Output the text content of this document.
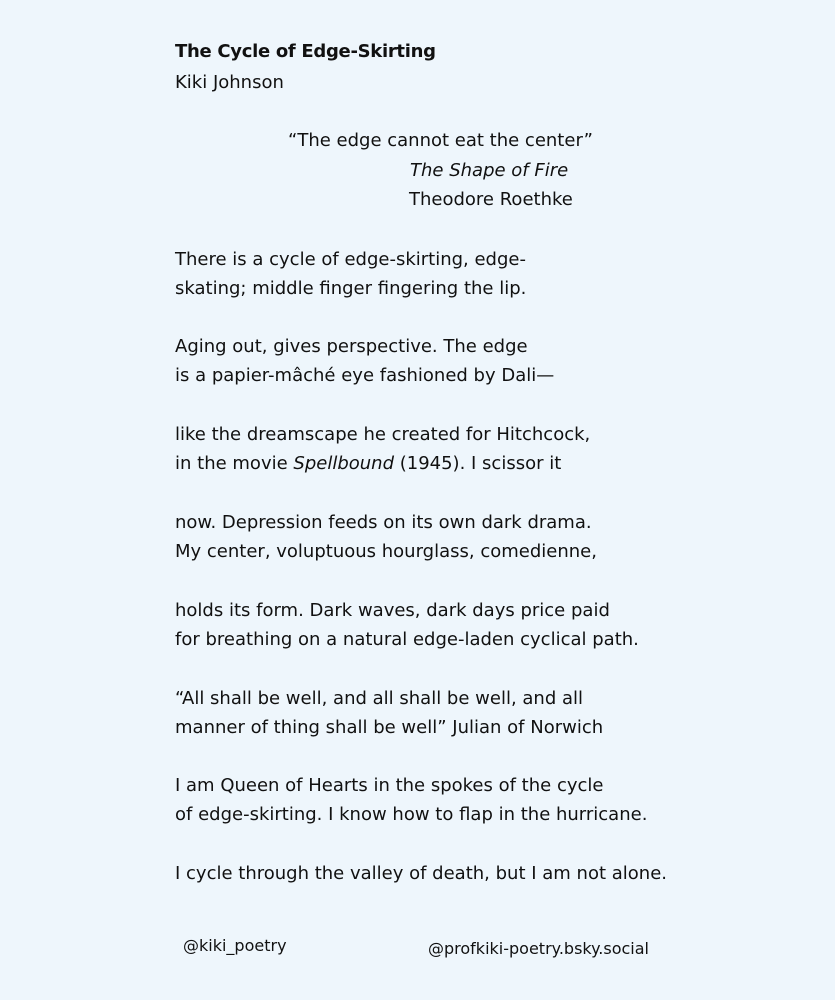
The Cycle of Edge-Skirting
Kiki Johnson
“The edge cannot eat the center”
The Shape of Fire
Theodore Roethke
There is a cycle of edge-skirting, edge-
skating; middle finger fingering the lip.
Aging out, gives perspective. The edge
is a papier-mâché eye fashioned by Dali—
like the dreamscape he created for Hitchcock,
in the movie Spellbound (1945). I scissor it
now. Depression feeds on its own dark drama.
My center, voluptuous hourglass, comedienne,
holds its form. Dark waves, dark days price paid
for breathing on a natural edge-laden cyclical path.
“All shall be well, and all shall be well, and all
manner of thing shall be well” Julian of Norwich
I am Queen of Hearts in the spokes of the cycle
of edge-skirting. I know how to flap in the hurricane.
I cycle through the valley of death, but I am not alone.
@kiki_poetry	@profkiki-poetry.bsky.social
